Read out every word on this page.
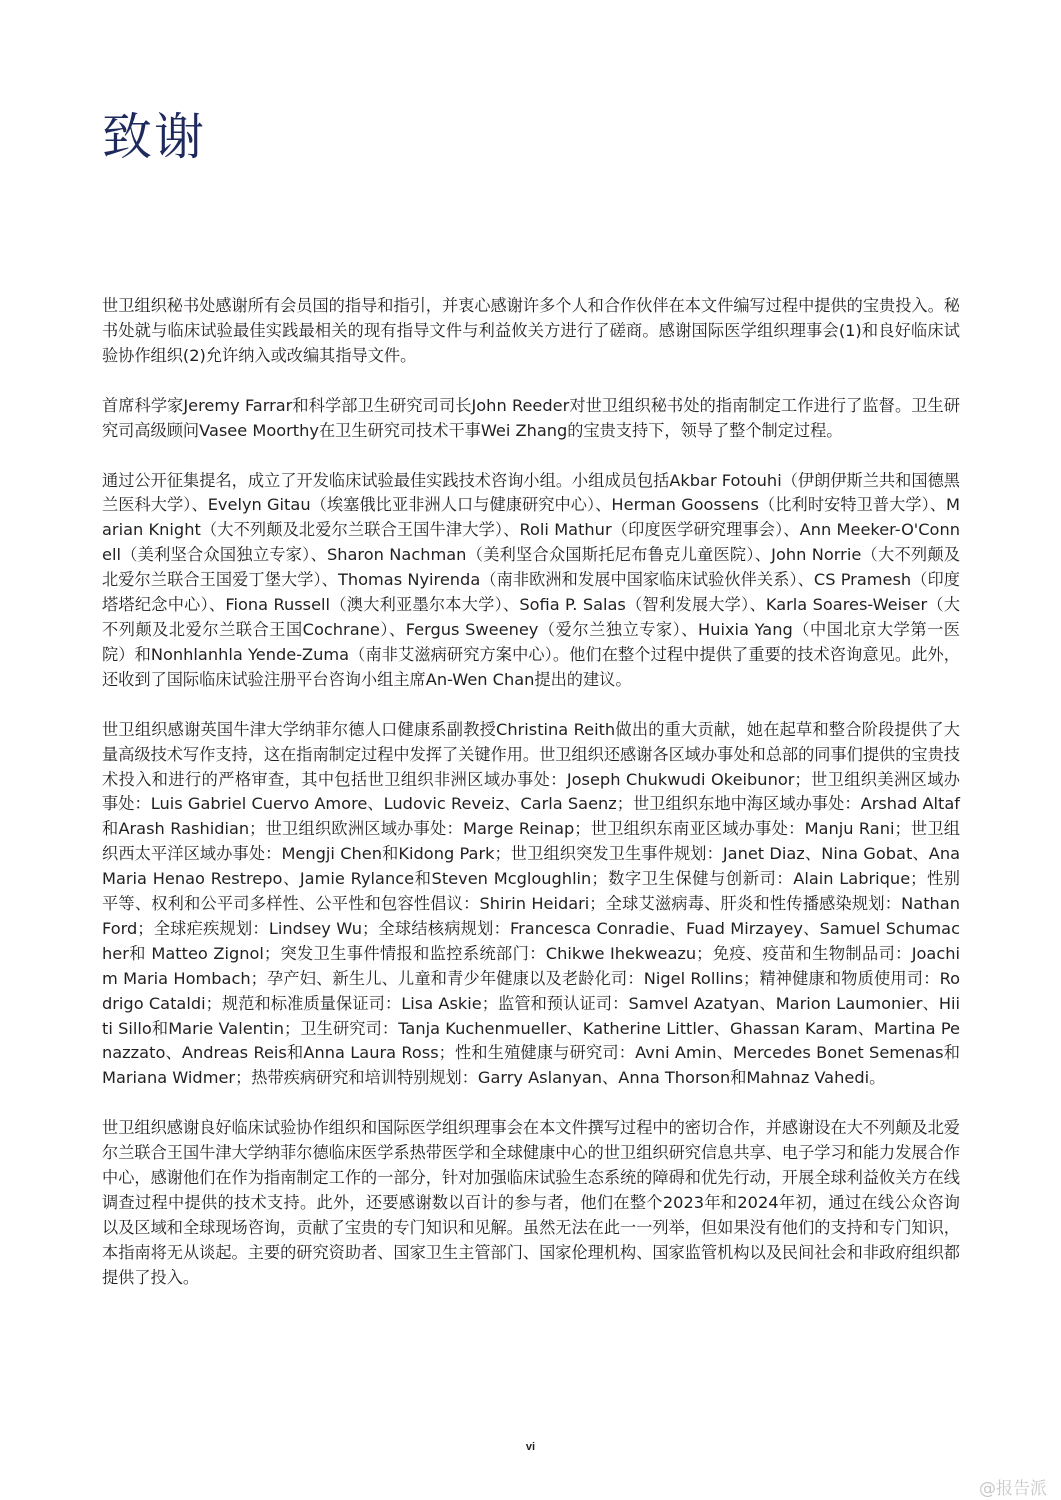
致谢

世卫组织秘书处感谢所有会员国的指导和指引，并衷心感谢许多个人和合作伙伴在本文件编写过程中提供的宝贵投入。秘书处就与临床试验最佳实践最相关的现有指导文件与利益攸关方进行了磋商。感谢国际医学组织理事会(1)和良好临床试验协作组织(2)允许纳入或改编其指导文件。

首席科学家Jeremy Farrar和科学部卫生研究司司长John Reeder对世卫组织秘书处的指南制定工作进行了监督。卫生研究司高级顾问Vasee Moorthy在卫生研究司技术干事Wei Zhang的宝贵支持下，领导了整个制定过程。

通过公开征集提名，成立了开发临床试验最佳实践技术咨询小组。小组成员包括Akbar Fotouhi（伊朗伊斯兰共和国德黑兰医科大学）、Evelyn Gitau（埃塞俄比亚非洲人口与健康研究中心）、Herman Goossens（比利时安特卫普大学）、Marian Knight（大不列颠及北爱尔兰联合王国牛津大学）、Roli Mathur（印度医学研究理事会）、Ann Meeker-O'Connell（美利坚合众国独立专家）、Sharon Nachman（美利坚合众国斯托尼布鲁克儿童医院）、John Norrie（大不列颠及北爱尔兰联合王国爱丁堡大学）、Thomas Nyirenda（南非欧洲和发展中国家临床试验伙伴关系）、CS Pramesh（印度塔塔纪念中心）、Fiona Russell（澳大利亚墨尔本大学）、Sofia P. Salas（智利发展大学）、Karla Soares-Weiser（大不列颠及北爱尔兰联合王国Cochrane）、Fergus Sweeney（爱尔兰独立专家）、Huixia Yang（中国北京大学第一医院）和Nonhlanhla Yende-Zuma（南非艾滋病研究方案中心）。他们在整个过程中提供了重要的技术咨询意见。此外，还收到了国际临床试验注册平台咨询小组主席An-Wen Chan提出的建议。

世卫组织感谢英国牛津大学纳菲尔德人口健康系副教授Christina Reith做出的重大贡献，她在起草和整合阶段提供了大量高级技术写作支持，这在指南制定过程中发挥了关键作用。世卫组织还感谢各区域办事处和总部的同事们提供的宝贵技术投入和进行的严格审查，其中包括世卫组织非洲区域办事处：Joseph Chukwudi Okeibunor；世卫组织美洲区域办事处：Luis Gabriel Cuervo Amore、Ludovic Reveiz、Carla Saenz；世卫组织东地中海区域办事处：Arshad Altaf和Arash Rashidian；世卫组织欧洲区域办事处：Marge Reinap；世卫组织东南亚区域办事处：Manju Rani；世卫组织西太平洋区域办事处：Mengji Chen和Kidong Park；世卫组织突发卫生事件规划：Janet Diaz、Nina Gobat、Ana Maria Henao Restrepo、Jamie Rylance和Steven Mcgloughlin；数字卫生保健与创新司：Alain Labrique；性别平等、权利和公平司多样性、公平性和包容性倡议：Shirin Heidari；全球艾滋病毒、肝炎和性传播感染规划：Nathan Ford；全球疟疾规划：Lindsey Wu；全球结核病规划：Francesca Conradie、Fuad Mirzayey、Samuel Schumacher和 Matteo Zignol；突发卫生事件情报和监控系统部门：Chikwe Ihekweazu；免疫、疫苗和生物制品司：Joachim Maria Hombach；孕产妇、新生儿、儿童和青少年健康以及老龄化司：Nigel Rollins；精神健康和物质使用司：Rodrigo Cataldi；规范和标准质量保证司：Lisa Askie；监管和预认证司：Samvel Azatyan、Marion Laumonier、Hiiti Sillo和Marie Valentin；卫生研究司：Tanja Kuchenmueller、Katherine Littler、Ghassan Karam、Martina Penazzato、Andreas Reis和Anna Laura Ross；性和生殖健康与研究司：Avni Amin、Mercedes Bonet Semenas和Mariana Widmer；热带疾病研究和培训特别规划：Garry Aslanyan、Anna Thorson和Mahnaz Vahedi。

世卫组织感谢良好临床试验协作组织和国际医学组织理事会在本文件撰写过程中的密切合作，并感谢设在大不列颠及北爱尔兰联合王国牛津大学纳菲尔德临床医学系热带医学和全球健康中心的世卫组织研究信息共享、电子学习和能力发展合作中心，感谢他们在作为指南制定工作的一部分，针对加强临床试验生态系统的障碍和优先行动，开展全球利益攸关方在线调查过程中提供的技术支持。此外，还要感谢数以百计的参与者，他们在整个2023年和2024年初，通过在线公众咨询以及区域和全球现场咨询，贡献了宝贵的专门知识和见解。虽然无法在此一一列举，但如果没有他们的支持和专门知识，本指南将无从谈起。主要的研究资助者、国家卫生主管部门、国家伦理机构、国家监管机构以及民间社会和非政府组织都提供了投入。

vi
@报告派
